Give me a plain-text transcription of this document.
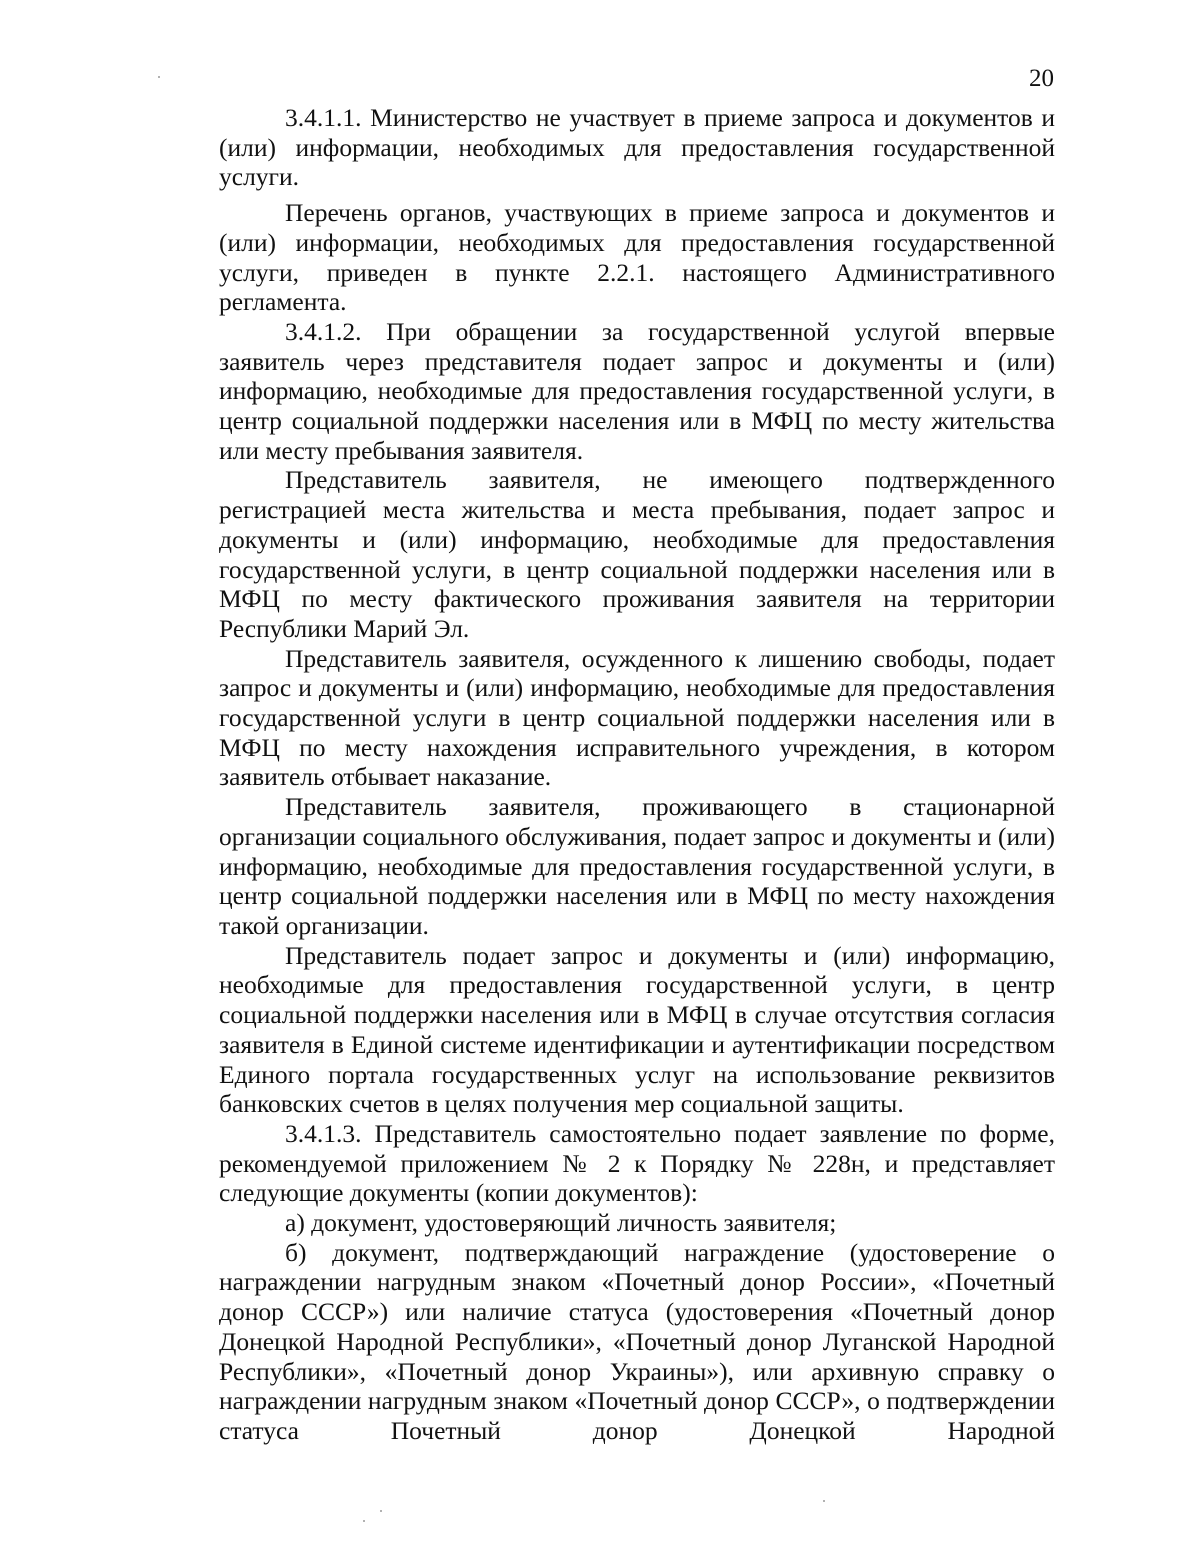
20

3.4.1.1. Министерство не участвует в приеме запроса и документов и (или) информации, необходимых для предоставления государственной услуги.

Перечень органов, участвующих в приеме запроса и документов и (или) информации, необходимых для предоставления государственной услуги, приведен в пункте 2.2.1. настоящего Административного регламента.

3.4.1.2. При обращении за государственной услугой впервые заявитель через представителя подает запрос и документы и (или) информацию, необходимые для предоставления государственной услуги, в центр социальной поддержки населения или в МФЦ по месту жительства или месту пребывания заявителя.

Представитель заявителя, не имеющего подтвержденного регистрацией места жительства и места пребывания, подает запрос и документы и (или) информацию, необходимые для предоставления государственной услуги, в центр социальной поддержки населения или в МФЦ по месту фактического проживания заявителя на территории Республики Марий Эл.

Представитель заявителя, осужденного к лишению свободы, подает запрос и документы и (или) информацию, необходимые для предоставления государственной услуги в центр социальной поддержки населения или в МФЦ по месту нахождения исправительного учреждения, в котором заявитель отбывает наказание.

Представитель заявителя, проживающего в стационарной организации социального обслуживания, подает запрос и документы и (или) информацию, необходимые для предоставления государственной услуги, в центр социальной поддержки населения или в МФЦ по месту нахождения такой организации.

Представитель подает запрос и документы и (или) информацию, необходимые для предоставления государственной услуги, в центр социальной поддержки населения или в МФЦ в случае отсутствия согласия заявителя в Единой системе идентификации и аутентификации посредством Единого портала государственных услуг на использование реквизитов банковских счетов в целях получения мер социальной защиты.

3.4.1.3. Представитель самостоятельно подает заявление по форме, рекомендуемой приложением № 2 к Порядку № 228н, и представляет следующие документы (копии документов):

а) документ, удостоверяющий личность заявителя;

б) документ, подтверждающий награждение (удостоверение о награждении нагрудным знаком «Почетный донор России», «Почетный донор СССР») или наличие статуса (удостоверения «Почетный донор Донецкой Народной Республики», «Почетный донор Луганской Народной Республики», «Почетный донор Украины»), или архивную справку о награждении нагрудным знаком «Почетный донор СССР», о подтверждении статуса Почетный донор Донецкой Народной
